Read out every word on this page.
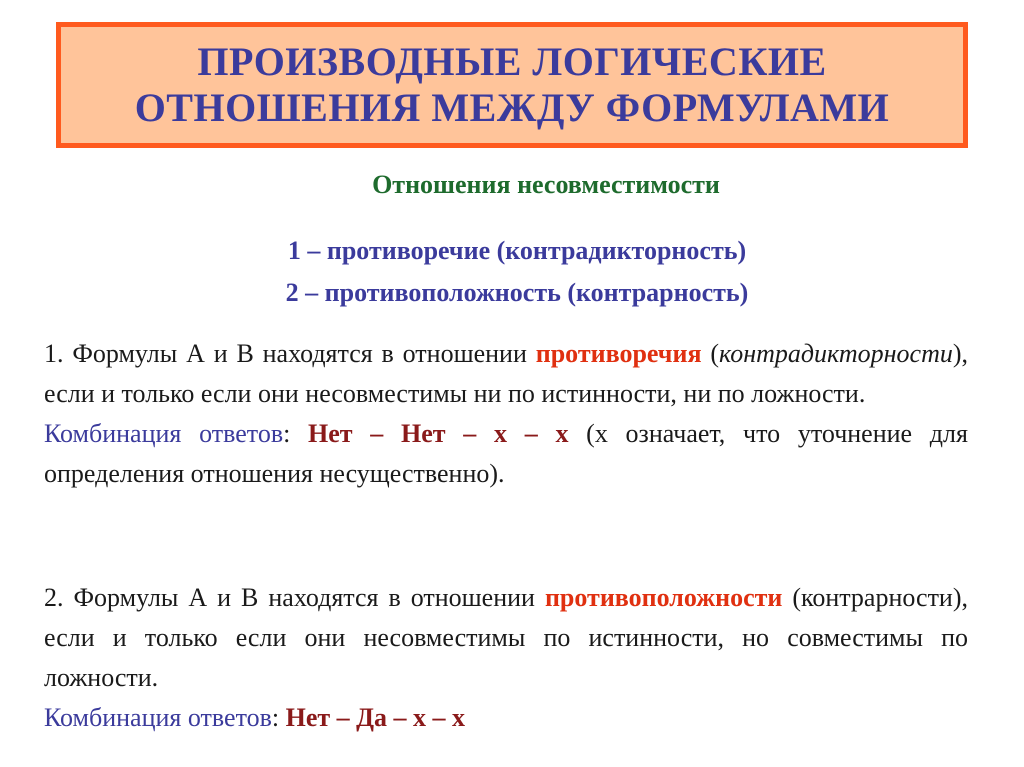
ПРОИЗВОДНЫЕ ЛОГИЧЕСКИЕ
ОТНОШЕНИЯ МЕЖДУ ФОРМУЛАМИ
Отношения несовместимости
1 – противоречие (контрадикторность)
2 – противоположность (контрарность)
1. Формулы А и В находятся в отношении противоречия (контрадикторности), если и только если они несовместимы ни по истинности, ни по ложности.
Комбинация ответов: Нет – Нет – х – х (х означает, что уточнение для определения отношения несущественно).
2. Формулы А и В находятся в отношении противоположности (контрарности), если и только если они несовместимы по истинности, но совместимы по ложности.
Комбинация ответов: Нет – Да – х – х
